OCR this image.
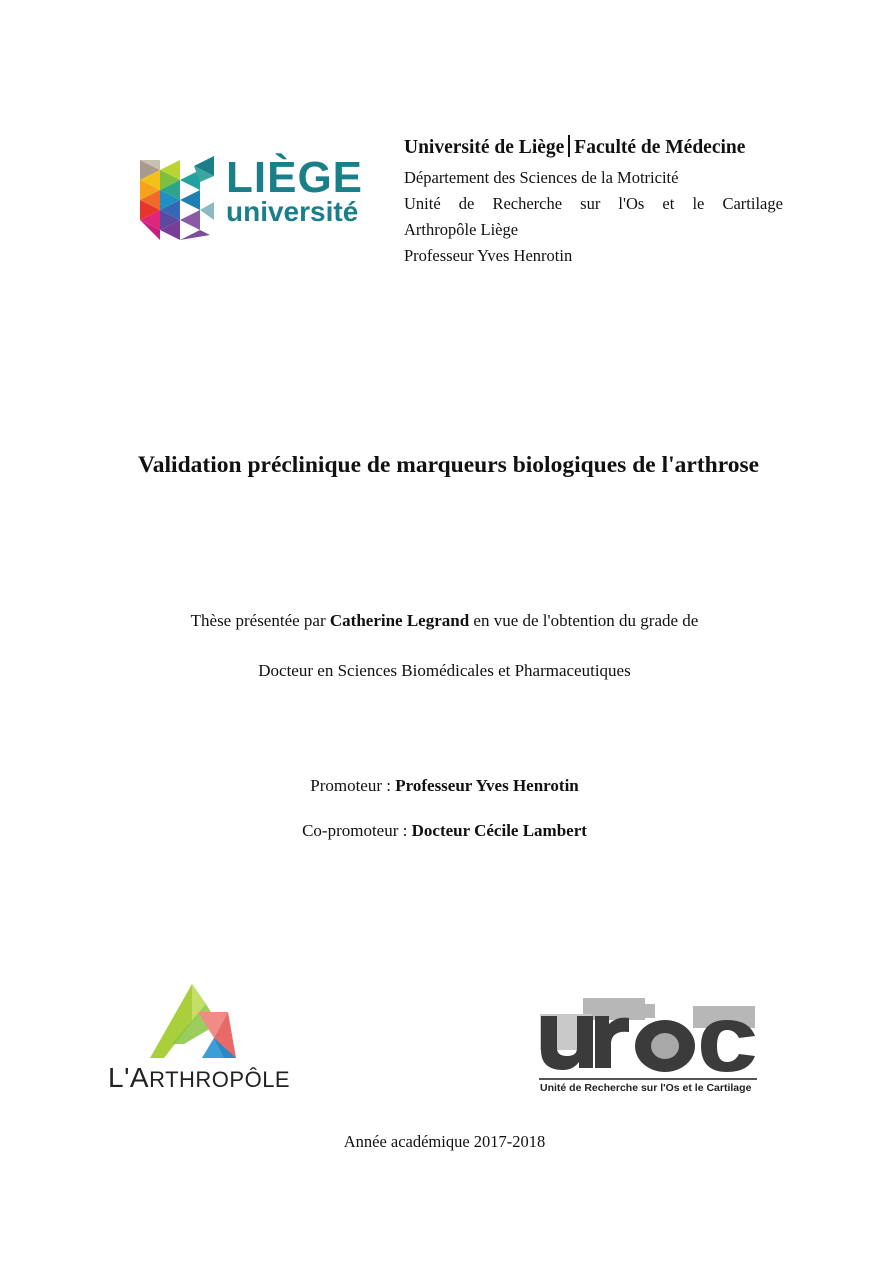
LIÈGE
université
Université de Liège Faculté de Médecine
Département des Sciences de la Motricité
Unité de Recherche sur l'Os et le Cartilage
Arthropôle Liège
Professeur Yves Henrotin
Validation préclinique de marqueurs biologiques de l'arthrose
Thèse présentée par Catherine Legrand en vue de l'obtention du grade de
Docteur en Sciences Biomédicales et Pharmaceutiques
Promoteur : Professeur Yves Henrotin
Co-promoteur : Docteur Cécile Lambert
L'ARTHROPÔLE	Unité de Recherche sur l'Os et le Cartilage
Année académique 2017-2018
